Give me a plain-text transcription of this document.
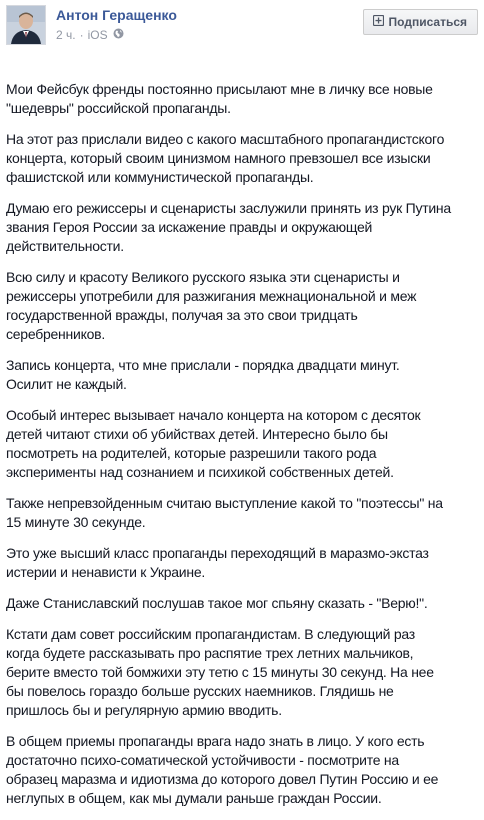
Антон Геращенко
2 ч. · iOS
Подписаться

Мои Фейсбук френды постоянно присылают мне в личку все новые
"шедевры" российской пропаганды.

На этот раз прислали видео с какого масштабного пропагандистского
концерта, который своим цинизмом намного превзошел все изыски
фашистской или коммунистической пропаганды.

Думаю его режиссеры и сценаристы заслужили принять из рук Путина
звания Героя России за искажение правды и окружающей
действительности.

Всю силу и красоту Великого русского языка эти сценаристы и
режиссеры употребили для разжигания межнациональной и меж
государственной вражды, получая за это свои тридцать
серебренников.

Запись концерта, что мне прислали - порядка двадцати минут.
Осилит не каждый.

Особый интерес вызывает начало концерта на котором с десяток
детей читают стихи об убийствах детей. Интересно было бы
посмотреть на родителей, которые разрешили такого рода
эксперименты над сознанием и психикой собственных детей.

Также непревзойденным считаю выступление какой то "поэтессы" на
15 минуте 30 секунде.

Это уже высший класс пропаганды переходящий в маразмо-экстаз
истерии и ненависти к Украине.

Даже Станиславский послушав такое мог спьяну сказать - "Верю!".

Кстати дам совет российским пропагандистам. В следующий раз
когда будете рассказывать про распятие трех летних мальчиков,
берите вместо той бомжихи эту тетю с 15 минуты 30 секунд. На нее
бы повелось гораздо больше русских наемников. Глядишь не
пришлось бы и регулярную армию вводить.

В общем приемы пропаганды врага надо знать в лицо. У кого есть
достаточно психо-соматической устойчивости - посмотрите на
образец маразма и идиотизма до которого довел Путин Россию и ее
неглупых в общем, как мы думали раньше граждан России.
